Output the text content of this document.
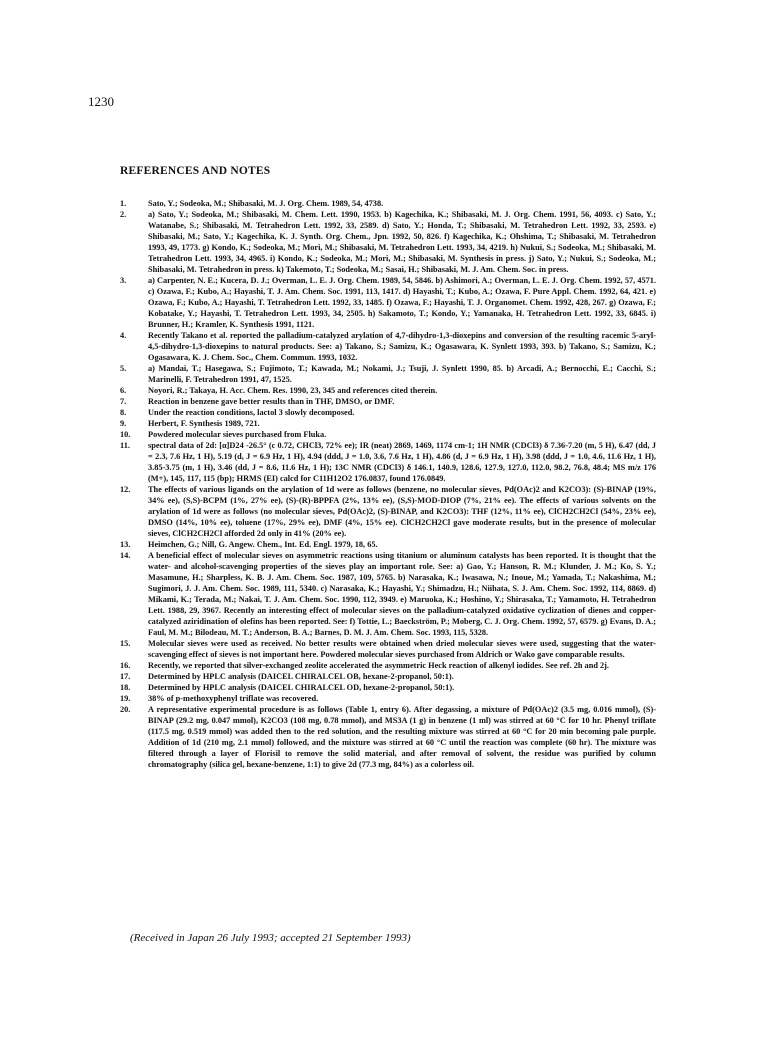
1230
REFERENCES AND NOTES
1.	Sato, Y.; Sodeoka, M.; Shibasaki, M. J. Org. Chem. 1989, 54, 4738.
2.	a) Sato, Y.; Sodeoka, M.; Shibasaki, M. Chem. Lett. 1990, 1953. b) Kagechika, K.; Shibasaki, M. J. Org. Chem. 1991, 56, 4093. c) Sato, Y.; Watanabe, S.; Shibasaki, M. Tetrahedron Lett. 1992, 33, 2589. d) Sato, Y.; Honda, T.; Shibasaki, M. Tetrahedron Lett. 1992, 33, 2593. e) Shibasaki, M.; Sato, Y.; Kagechika, K. J. Synth. Org. Chem., Jpn. 1992, 50, 826. f) Kagechika, K.; Ohshima, T.; Shibasaki, M. Tetrahedron 1993, 49, 1773. g) Kondo, K.; Sodeoka, M.; Mori, M.; Shibasaki, M. Tetrahedron Lett. 1993, 34, 4219. h) Nukui, S.; Sodeoka, M.; Shibasaki, M. Tetrahedron Lett. 1993, 34, 4965. i) Kondo, K.; Sodeoka, M.; Mori, M.; Shibasaki, M. Synthesis in press. j) Sato, Y.; Nukui, S.; Sodeoka, M.; Shibasaki, M. Tetrahedron in press. k) Takemoto, T.; Sodeoka, M.; Sasai, H.; Shibasaki, M. J. Am. Chem. Soc. in press.
3.	a) Carpenter, N. E.; Kucera, D. J.; Overman, L. E. J. Org. Chem. 1989, 54, 5846. b) Ashimori, A.; Overman, L. E. J. Org. Chem. 1992, 57, 4571. c) Ozawa, F.; Kubo, A.; Hayashi, T. J. Am. Chem. Soc. 1991, 113, 1417. d) Hayashi, T.; Kubo, A.; Ozawa, F. Pure Appl. Chem. 1992, 64, 421. e) Ozawa, F.; Kubo, A.; Hayashi, T. Tetrahedron Lett. 1992, 33, 1485. f) Ozawa, F.; Hayashi, T. J. Organomet. Chem. 1992, 428, 267. g) Ozawa, F.; Kobatake, Y.; Hayashi, T. Tetrahedron Lett. 1993, 34, 2505. h) Sakamoto, T.; Kondo, Y.; Yamanaka, H. Tetrahedron Lett. 1992, 33, 6845. i) Brunner, H.; Kramler, K. Synthesis 1991, 1121.
4.	Recently Takano et al. reported the palladium-catalyzed arylation of 4,7-dihydro-1,3-dioxepins and conversion of the resulting racemic 5-aryl-4,5-dihydro-1,3-dioxepins to natural products. See: a) Takano, S.; Samizu, K.; Ogasawara, K. Synlett 1993, 393. b) Takano, S.; Samizu, K.; Ogasawara, K. J. Chem. Soc., Chem. Commun. 1993, 1032.
5.	a) Mandai, T.; Hasegawa, S.; Fujimoto, T.; Kawada, M.; Nokami, J.; Tsuji, J. Synlett 1990, 85. b) Arcadi, A.; Bernocchi, E.; Cacchi, S.; Marinelli, F. Tetrahedron 1991, 47, 1525.
6.	Noyori, R.; Takaya, H. Acc. Chem. Res. 1990, 23, 345 and references cited therein.
7.	Reaction in benzene gave better results than in THF, DMSO, or DMF.
8.	Under the reaction conditions, lactol 3 slowly decomposed.
9.	Herbert, F. Synthesis 1989, 721.
10. Powdered molecular sieves purchased from Fluka.
11. spectral data of 2d: [α]D24 -26.5° (c 0.72, CHCl3, 72% ee); IR (neat) 2869, 1469, 1174 cm-1; 1H NMR (CDCl3) δ 7.36-7.20 (m, 5 H), 6.47 (dd, J = 2.3, 7.6 Hz, 1 H), 5.19 (d, J = 6.9 Hz, 1 H), 4.94 (ddd, J = 1.0, 3.6, 7.6 Hz, 1 H), 4.86 (d, J = 6.9 Hz, 1 H), 3.98 (ddd, J = 1.0, 4.6, 11.6 Hz, 1 H), 3.85-3.75 (m, 1 H), 3.46 (dd, J = 8.6, 11.6 Hz, 1 H); 13C NMR (CDCl3) δ 146.1, 140.9, 128.6, 127.9, 127.0, 112.0, 98.2, 76.8, 48.4; MS m/z 176 (M+), 145, 117, 115 (bp); HRMS (EI) calcd for C11H12O2 176.0837, found 176.0849.
12. The effects of various ligands on the arylation of 1d were as follows (benzene, no molecular sieves, Pd(OAc)2 and K2CO3): (S)-BINAP (19%, 34% ee), (S,S)-BCPM (1%, 27% ee), (S)-(R)-BPPFA (2%, 13% ee), (S,S)-MOD-DIOP (7%, 21% ee). The effects of various solvents on the arylation of 1d were as follows (no molecular sieves, Pd(OAc)2, (S)-BINAP, and K2CO3): THF (12%, 11% ee), ClCH2CH2Cl (54%, 23% ee), DMSO (14%, 10% ee), toluene (17%, 29% ee), DMF (4%, 15% ee). ClCH2CH2Cl gave moderate results, but in the presence of molecular sieves, ClCH2CH2Cl afforded 2d only in 41% (20% ee).
13. Heimchen, G.; Nill, G. Angew. Chem., Int. Ed. Engl. 1979, 18, 65.
14. A beneficial effect of molecular sieves on asymmetric reactions using titanium or aluminum catalysts has been reported. It is thought that the water- and alcohol-scavenging properties of the sieves play an important role. See: a) Gao, Y.; Hanson, R. M.; Klunder, J. M.; Ko, S. Y.; Masamune, H.; Sharpless, K. B. J. Am. Chem. Soc. 1987, 109, 5765. b) Narasaka, K.; Iwasawa, N.; Inoue, M.; Yamada, T.; Nakashima, M.; Sugimori, J. J. Am. Chem. Soc. 1989, 111, 5340. c) Narasaka, K.; Hayashi, Y.; Shimadzu, H.; Niihata, S. J. Am. Chem. Soc. 1992, 114, 8869. d) Mikami, K.; Terada, M.; Nakai, T. J. Am. Chem. Soc. 1990, 112, 3949. e) Maruoka, K.; Hoshino, Y.; Shirasaka, T.; Yamamoto, H. Tetrahedron Lett. 1988, 29, 3967. Recently an interesting effect of molecular sieves on the palladium-catalyzed oxidative cyclization of dienes and copper-catalyzed aziridination of olefins has been reported. See: f) Tottie, L.; Baeckström, P.; Moberg, C. J. Org. Chem. 1992, 57, 6579. g) Evans, D. A.; Faul, M. M.; Bilodeau, M. T.; Anderson, B. A.; Barnes, D. M. J. Am. Chem. Soc. 1993, 115, 5328.
15. Molecular sieves were used as received. No better results were obtained when dried molecular sieves were used, suggesting that the water-scavenging effect of sieves is not important here. Powdered molecular sieves purchased from Aldrich or Wako gave comparable results.
16. Recently, we reported that silver-exchanged zeolite accelerated the asymmetric Heck reaction of alkenyl iodides. See ref. 2h and 2j.
17. Determined by HPLC analysis (DAICEL CHIRALCEL OB, hexane-2-propanol, 50:1).
18. Determined by HPLC analysis (DAICEL CHIRALCEL OD, hexane-2-propanol, 50:1).
19. 38% of p-methoxyphenyl triflate was recovered.
20. A representative experimental procedure is as follows (Table 1, entry 6). After degassing, a mixture of Pd(OAc)2 (3.5 mg, 0.016 mmol), (S)-BINAP (29.2 mg, 0.047 mmol), K2CO3 (108 mg, 0.78 mmol), and MS3A (1 g) in benzene (1 ml) was stirred at 60 °C for 10 hr. Phenyl triflate (117.5 mg, 0.519 mmol) was added then to the red solution, and the resulting mixture was stirred at 60 °C for 20 min becoming pale purple. Addition of 1d (210 mg, 2.1 mmol) followed, and the mixture was stirred at 60 °C until the reaction was complete (60 hr). The mixture was filtered through a layer of Florisil to remove the solid material, and after removal of solvent, the residue was purified by column chromatography (silica gel, hexane-benzene, 1:1) to give 2d (77.3 mg, 84%) as a colorless oil.
(Received in Japan 26 July 1993; accepted 21 September 1993)
